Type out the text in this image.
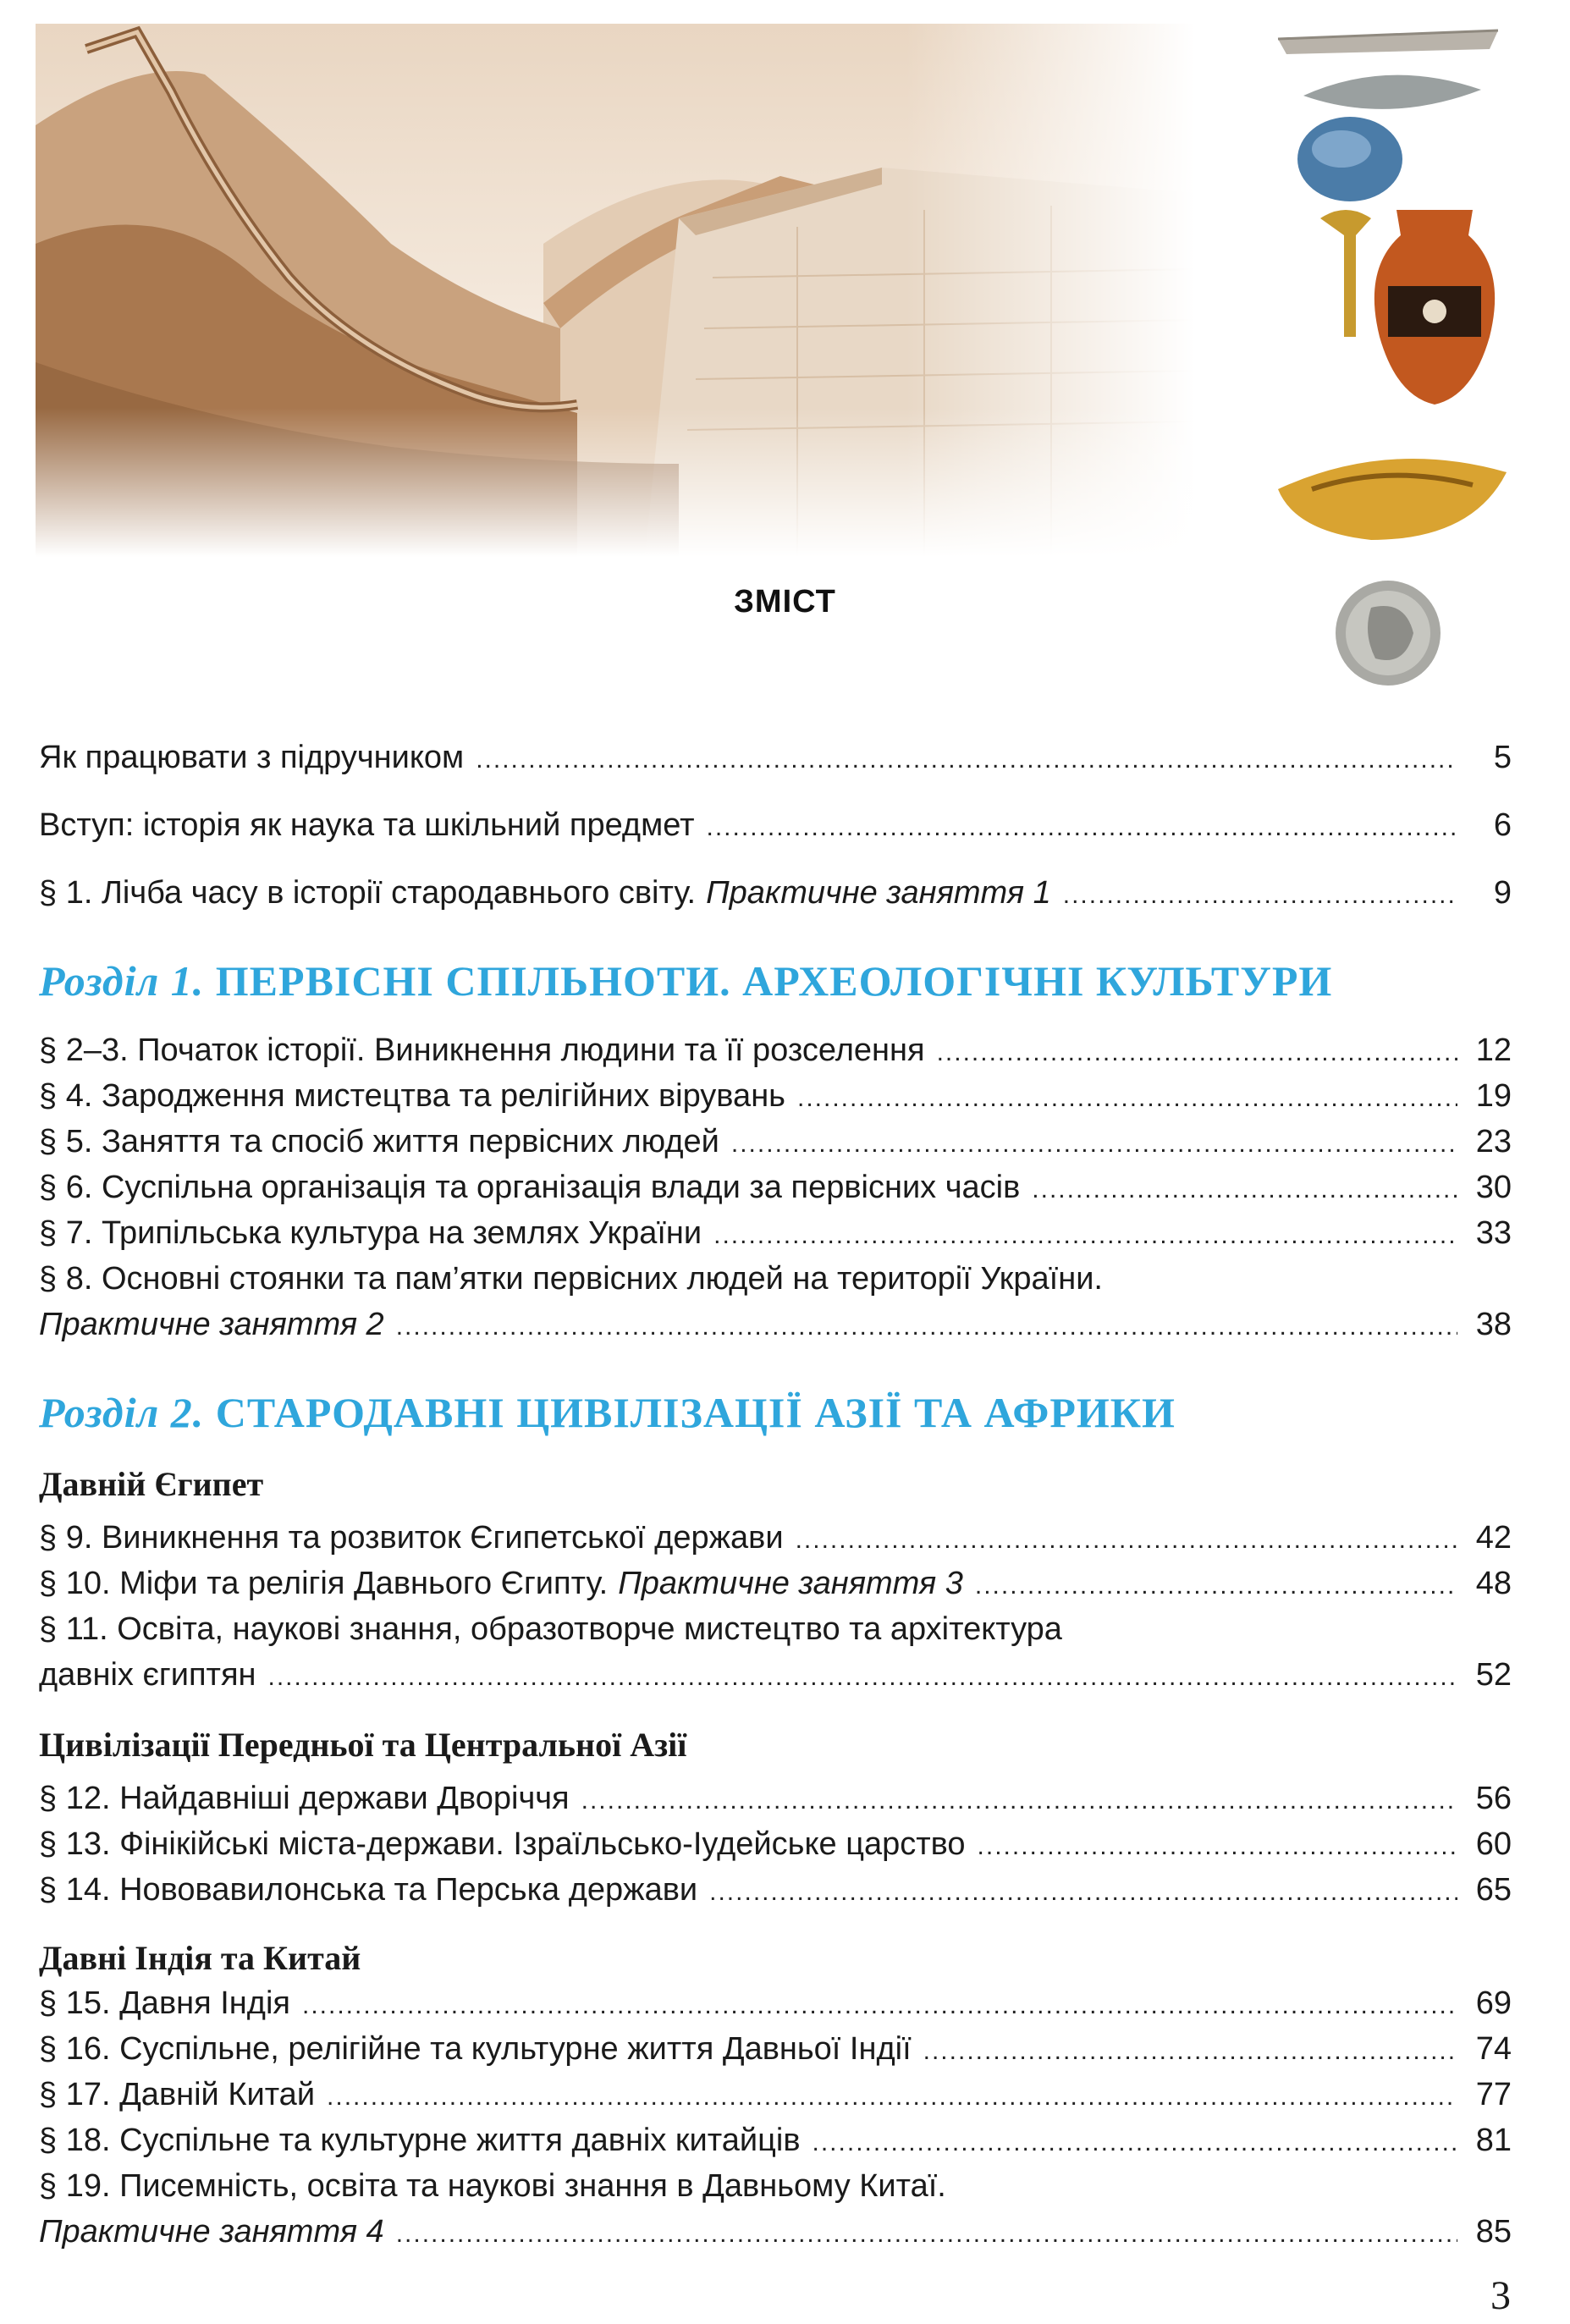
ЗМІСТ
Як працювати з підручником .....	5
Вступ: історія як наука та шкільний предмет .....	6
§ 1. Лічба часу в історії стародавнього світу. Практичне заняття 1 .....	9
Розділ 1. ПЕРВІСНІ СПІЛЬНОТИ. АРХЕОЛОГІЧНІ КУЛЬТУРИ
§ 2–3. Початок історії. Виникнення людини та її розселення .....	12
§ 4. Зародження мистецтва та релігійних вірувань .....	19
§ 5. Заняття та спосіб життя первісних людей .....	23
§ 6. Суспільна організація та організація влади за первісних часів .....	30
§ 7. Трипільська культура на землях України .....	33
§ 8. Основні стоянки та пам’ятки первісних людей на території України.
Практичне заняття 2 .....	38
Розділ 2. СТАРОДАВНІ ЦИВІЛІЗАЦІЇ АЗІЇ ТА АФРИКИ
Давній Єгипет
§ 9. Виникнення та розвиток Єгипетської держави .....	42
§ 10. Міфи та релігія Давнього Єгипту. Практичне заняття 3 .....	48
§ 11. Освіта, наукові знання, образотворче мистецтво та архітектура
давніх єгиптян .....	52
Цивілізації Передньої та Центральної Азії
§ 12. Найдавніші держави Дворіччя .....	56
§ 13. Фінікійські міста-держави. Ізраїльсько-Іудейське царство .....	60
§ 14. Нововавилонська та Перська держави .....	65
Давні Індія та Китай
§ 15. Давня Індія .....	69
§ 16. Суспільне, релігійне та культурне життя Давньої Індії .....	74
§ 17. Давній Китай .....	77
§ 18. Суспільне та культурне життя давніх китайців .....	81
§ 19. Писемність, освіта та наукові знання в Давньому Китаї.
Практичне заняття 4 .....	85
3
